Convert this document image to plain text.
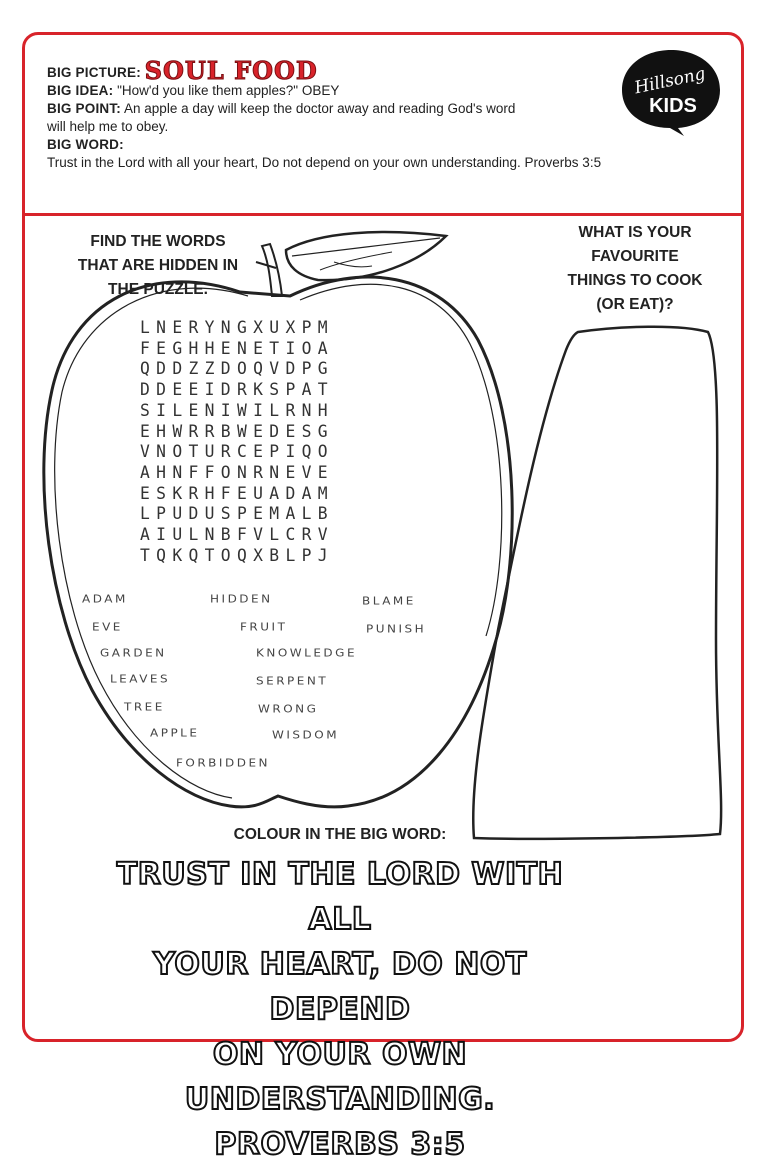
BIG PICTURE: SOUL FOOD

BIG IDEA: "How'd you like them apples?" OBEY

BIG POINT: An apple a day will keep the doctor away and reading God's word

will help me to obey.

BIG WORD:

Trust in the Lord with all your heart, Do not depend on your own understanding. Proverbs 3:5

Hillsong
KIDS
FIND THE WORDS
THAT ARE HIDDEN IN
THE PUZZLE.
WHAT IS YOUR
FAVOURITE
THINGS TO COOK
(OR EAT)?
LNERYNGXUXPM
FEGHHENETIOA
QDDZZDOQVDPG
DDEEIDRKSPAT
SILENIWILRNH
EHWRRBWEDESG
VNOTURCEPIQO
AHNFFONRNEVE
ESKRHFEUADAM
LPUDUSPEMALB
AIULNBFVLCRV
TQKQTOQXBLPJ
ADAM	HIDDEN	BLAME
EVE	FRUIT	PUNISH
GARDEN	KNOWLEDGE
LEAVES	SERPENT
TREE	WRONG
APPLE	WISDOM
FORBIDDEN
COLOUR IN THE BIG WORD:
TRUST IN THE LORD WITH ALL
YOUR HEART, DO NOT DEPEND
ON YOUR OWN UNDERSTANDING.
PROVERBS 3:5
